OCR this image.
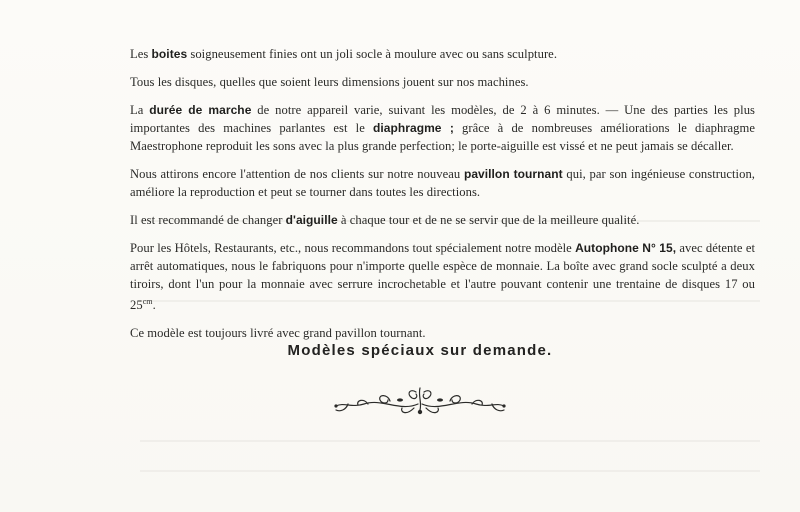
Les boites soigneusement finies ont un joli socle à moulure avec ou sans sculpture.

Tous les disques, quelles que soient leurs dimensions jouent sur nos machines.

La durée de marche de notre appareil varie, suivant les modèles, de 2 à 6 minutes. — Une des parties les plus importantes des machines parlantes est le diaphragme ; grâce à de nombreuses améliorations le diaphragme Maestrophone reproduit les sons avec la plus grande perfection; le porte-aiguille est vissé et ne peut jamais se décaller.

Nous attirons encore l'attention de nos clients sur notre nouveau pavillon tournant qui, par son ingénieuse construction, améliore la reproduction et peut se tourner dans toutes les directions.

Il est recommandé de changer d'aiguille à chaque tour et de ne se servir que de la meilleure qualité.

Pour les Hôtels, Restaurants, etc., nous recommandons tout spécialement notre modèle Autophone N° 15, avec détente et arrêt automatiques, nous le fabriquons pour n'importe quelle espèce de monnaie. La boîte avec grand socle sculpté a deux tiroirs, dont l'un pour la monnaie avec serrure incrochetable et l'autre pouvant contenir une trentaine de disques 17 ou $25^{cm}$.

Ce modèle est toujours livré avec grand pavillon tournant.

Modèles spéciaux sur demande.
